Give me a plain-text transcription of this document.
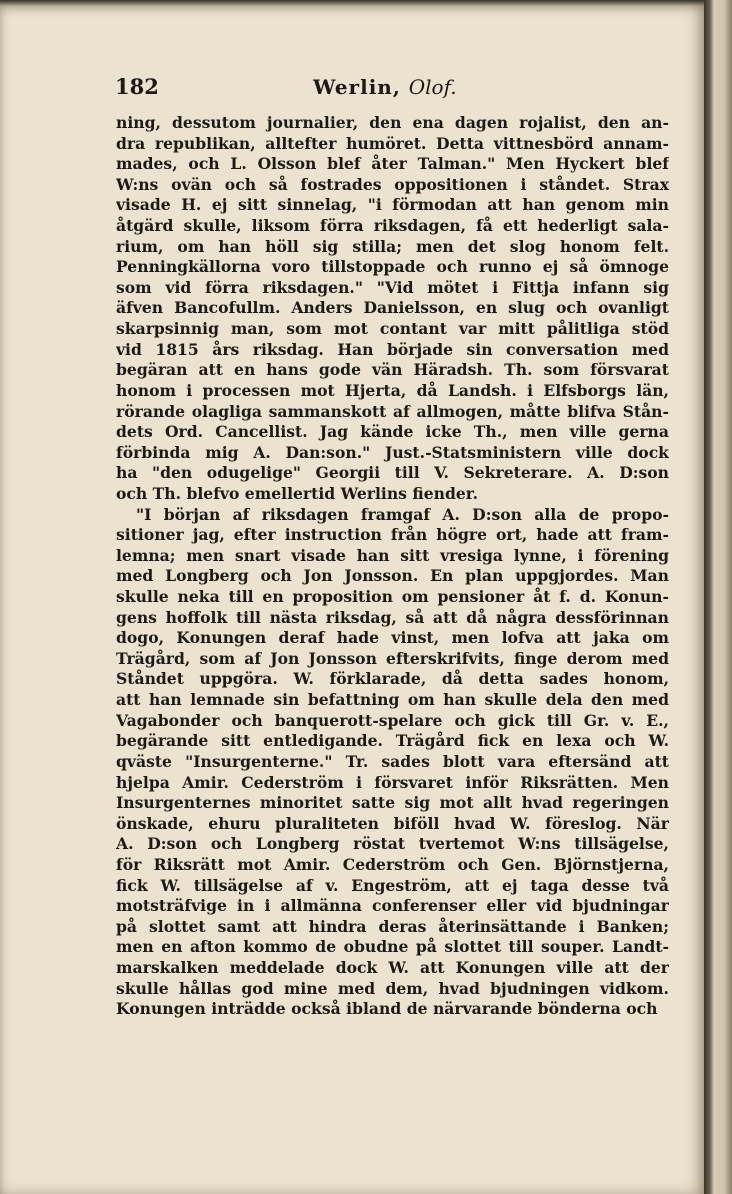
182	Werlin, Olof.
ning, dessutom journalier, den ena dagen rojalist, den an-
dra republikan, alltefter humöret. Detta vittnesbörd annam-
mades, och L. Olsson blef åter Talman." Men Hyckert blef
W:ns ovän och så fostrades oppositionen i ståndet. Strax
visade H. ej sitt sinnelag, "i förmodan att han genom min
åtgärd skulle, liksom förra riksdagen, få ett hederligt sala-
rium, om han höll sig stilla; men det slog honom felt.
Penningkällorna voro tillstoppade och runno ej så ömnoge
som vid förra riksdagen." "Vid mötet i Fittja infann sig
äfven Bancofullm. Anders Danielsson, en slug och ovanligt
skarpsinnig man, som mot contant var mitt pålitliga stöd
vid 1815 års riksdag. Han började sin conversation med
begäran att en hans gode vän Häradsh. Th. som försvarat
honom i processen mot Hjerta, då Landsh. i Elfsborgs län,
rörande olagliga sammanskott af allmogen, måtte blifva Stån-
dets Ord. Cancellist. Jag kände icke Th., men ville gerna
förbinda mig A. Dan:son." Just.-Statsministern ville dock
ha "den odugelige" Georgii till V. Sekreterare. A. D:son
och Th. blefvo emellertid Werlins fiender.
"I början af riksdagen framgaf A. D:son alla de propo-
sitioner jag, efter instruction från högre ort, hade att fram-
lemna; men snart visade han sitt vresiga lynne, i förening
med Longberg och Jon Jonsson. En plan uppgjordes. Man
skulle neka till en proposition om pensioner åt f. d. Konun-
gens hoffolk till nästa riksdag, så att då några dessförinnan
dogo, Konungen deraf hade vinst, men lofva att jaka om
Trägård, som af Jon Jonsson efterskrifvits, finge derom med
Ståndet uppgöra. W. förklarade, då detta sades honom,
att han lemnade sin befattning om han skulle dela den med
Vagabonder och banquerott-spelare och gick till Gr. v. E.,
begärande sitt entledigande. Trägård fick en lexa och W.
qväste "Insurgenterne." Tr. sades blott vara eftersänd att
hjelpa Amir. Cederström i försvaret inför Riksrätten. Men
Insurgenternes minoritet satte sig mot allt hvad regeringen
önskade, ehuru pluraliteten biföll hvad W. föreslog. När
A. D:son och Longberg röstat tvertemot W:ns tillsägelse,
för Riksrätt mot Amir. Cederström och Gen. Björnstjerna,
fick W. tillsägelse af v. Engeström, att ej taga desse två
motsträfvige in i allmänna conferenser eller vid bjudningar
på slottet samt att hindra deras återinsättande i Banken;
men en afton kommo de obudne på slottet till souper. Landt-
marskalken meddelade dock W. att Konungen ville att der
skulle hållas god mine med dem, hvad bjudningen vidkom.
Konungen inträdde också ibland de närvarande bönderna och
